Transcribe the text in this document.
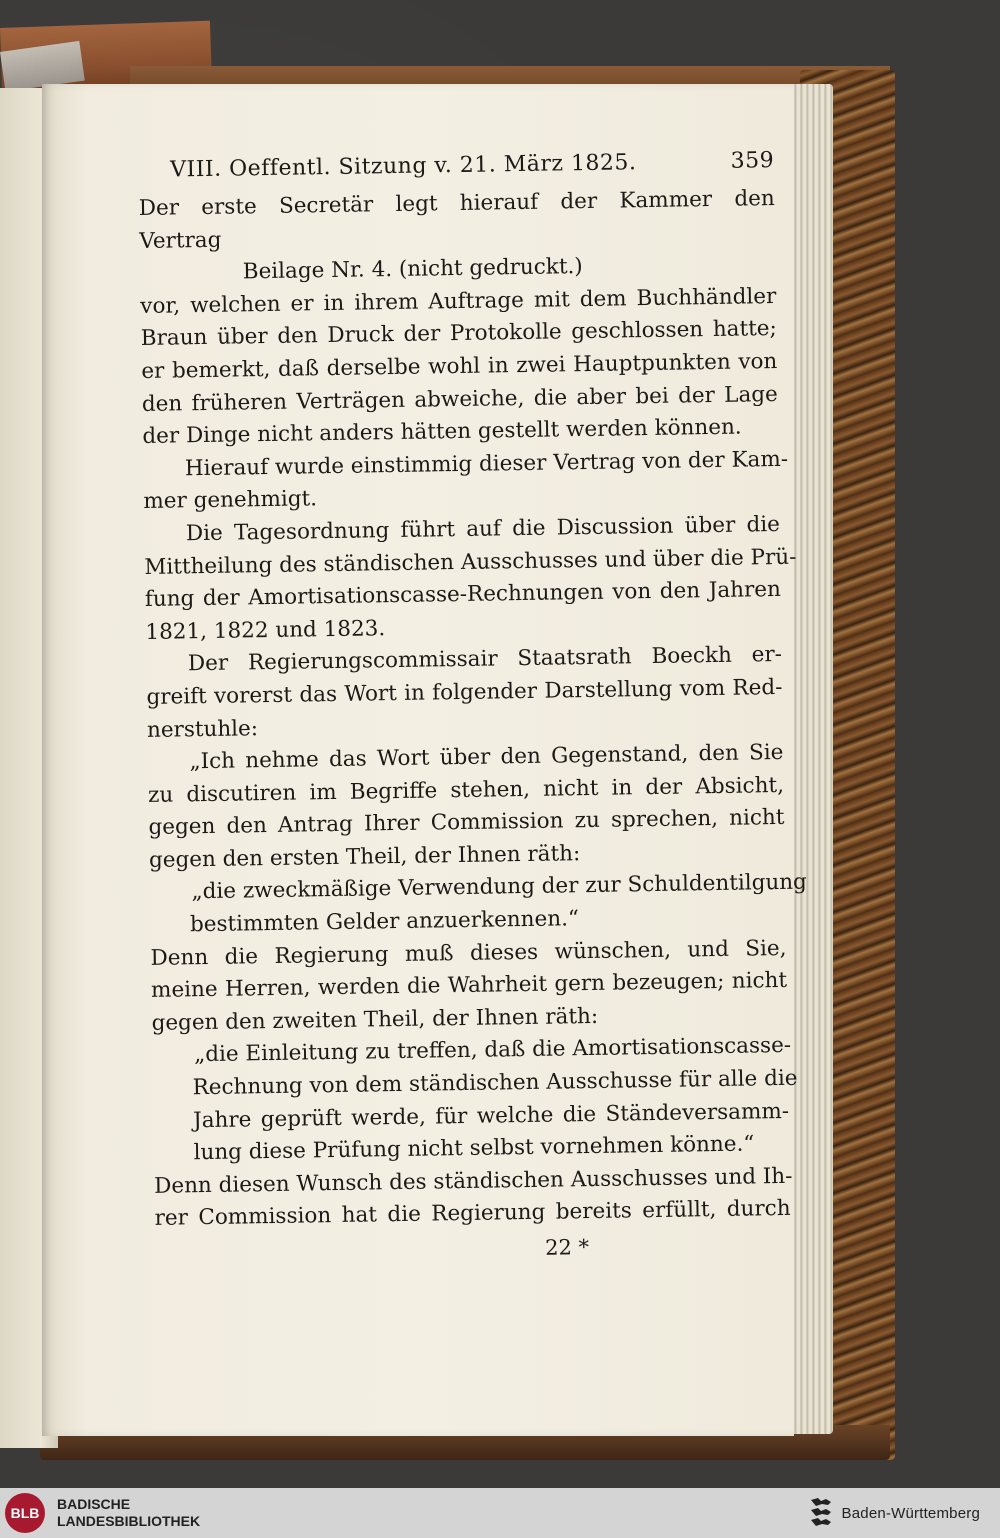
VIII. Oeffentl. Sitzung v. 21. März 1825.	359
Der erste Secretär legt hierauf der Kammer den
Vertrag
Beilage Nr. 4. (nicht gedruckt.)
vor, welchen er in ihrem Auftrage mit dem Buchhändler
Braun über den Druck der Protokolle geschlossen hatte;
er bemerkt, daß derselbe wohl in zwei Hauptpunkten von
den früheren Verträgen abweiche, die aber bei der Lage
der Dinge nicht anders hätten gestellt werden können.
Hierauf wurde einstimmig dieser Vertrag von der Kam-
mer genehmigt.
Die Tagesordnung führt auf die Discussion über die
Mittheilung des ständischen Ausschusses und über die Prü-
fung der Amortisationscasse-Rechnungen von den Jahren
1821, 1822 und 1823.
Der Regierungscommissair Staatsrath Boeckh er-
greift vorerst das Wort in folgender Darstellung vom Red-
nerstuhle:
„Ich nehme das Wort über den Gegenstand, den Sie
zu discutiren im Begriffe stehen, nicht in der Absicht,
gegen den Antrag Ihrer Commission zu sprechen, nicht
gegen den ersten Theil, der Ihnen räth:
„die zweckmäßige Verwendung der zur Schuldentilgung
bestimmten Gelder anzuerkennen.“
Denn die Regierung muß dieses wünschen, und Sie,
meine Herren, werden die Wahrheit gern bezeugen; nicht
gegen den zweiten Theil, der Ihnen räth:
„die Einleitung zu treffen, daß die Amortisationscasse-
Rechnung von dem ständischen Ausschusse für alle die
Jahre geprüft werde, für welche die Ständeversamm-
lung diese Prüfung nicht selbst vornehmen könne.“
Denn diesen Wunsch des ständischen Ausschusses und Ih-
rer Commission hat die Regierung bereits erfüllt, durch
22 *
BLB
BADISCHE
LANDESBIBLIOTHEK	Baden-Württemberg
